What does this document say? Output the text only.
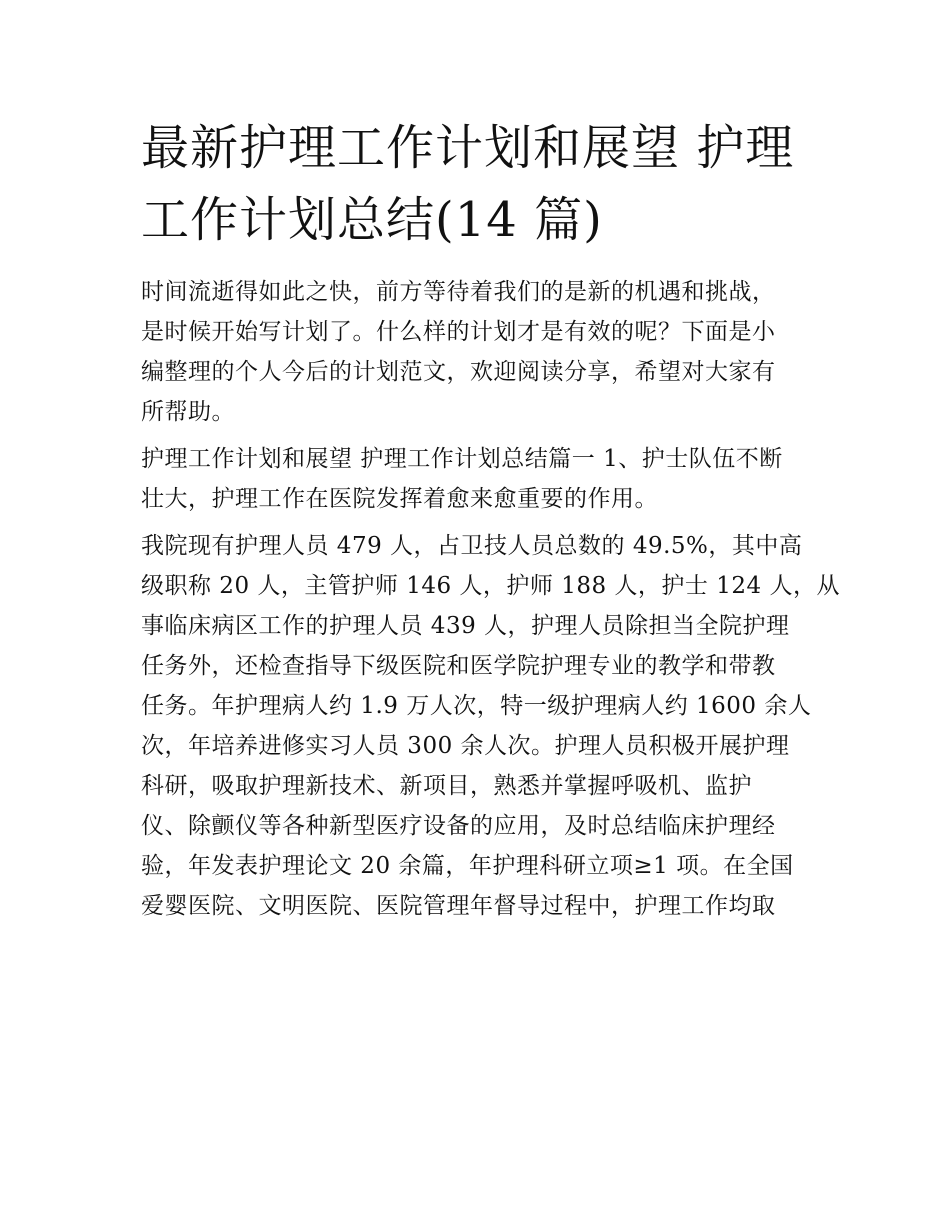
最新护理工作计划和展望 护理
工作计划总结(14 篇)

时间流逝得如此之快，前方等待着我们的是新的机遇和挑战，
是时候开始写计划了。什么样的计划才是有效的呢？下面是小
编整理的个人今后的计划范文，欢迎阅读分享，希望对大家有
所帮助。

护理工作计划和展望 护理工作计划总结篇一 1、护士队伍不断
壮大，护理工作在医院发挥着愈来愈重要的作用。

我院现有护理人员 479 人，占卫技人员总数的 49.5%，其中高
级职称 20 人，主管护师 146 人，护师 188 人，护士 124 人，从
事临床病区工作的护理人员 439 人，护理人员除担当全院护理
任务外，还检查指导下级医院和医学院护理专业的教学和带教
任务。年护理病人约 1.9 万人次，特一级护理病人约 1600 余人
次，年培养进修实习人员 300 余人次。护理人员积极开展护理
科研，吸取护理新技术、新项目，熟悉并掌握呼吸机、监护
仪、除颤仪等各种新型医疗设备的应用，及时总结临床护理经
验，年发表护理论文 20 余篇，年护理科研立项≥1 项。在全国
爱婴医院、文明医院、医院管理年督导过程中，护理工作均取
